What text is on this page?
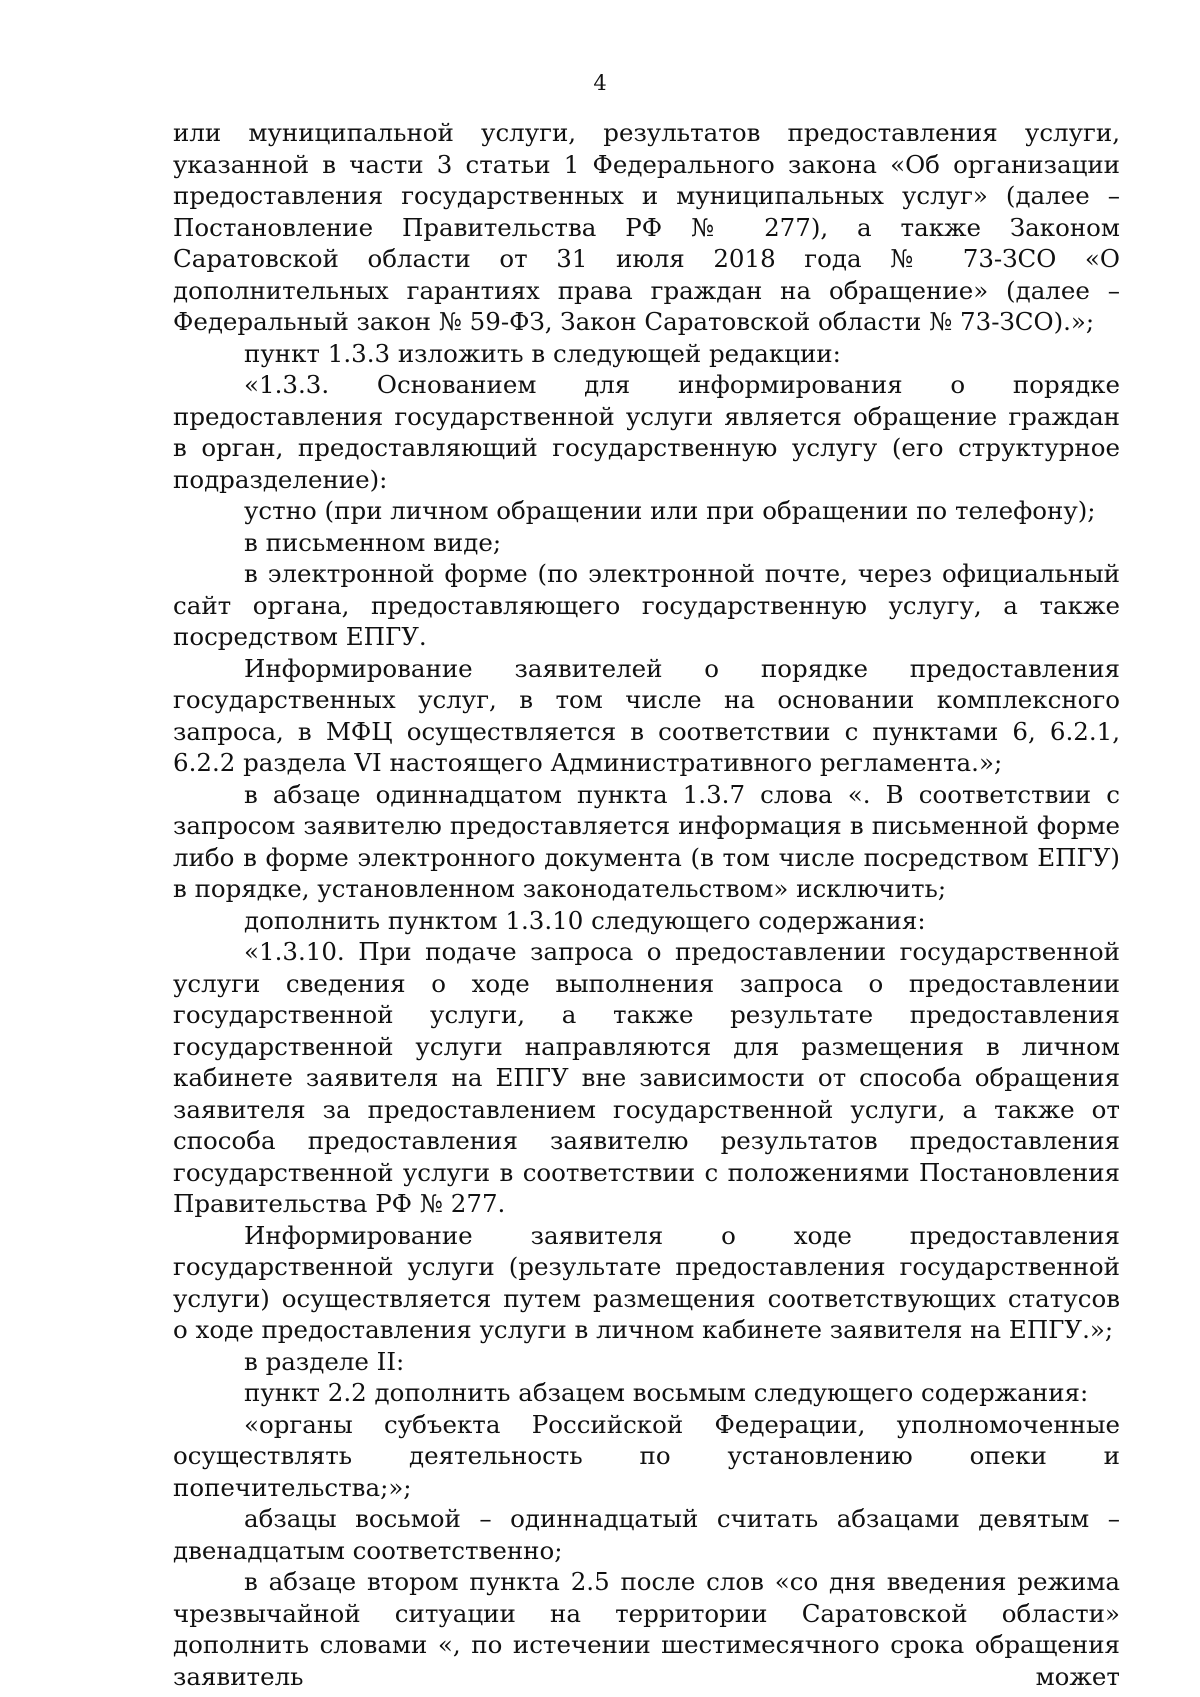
4

или муниципальной услуги, результатов предоставления услуги, указанной в части 3 статьи 1 Федерального закона «Об организации предоставления государственных и муниципальных услуг» (далее – Постановление Правительства РФ № 277), а также Законом Саратовской области от 31 июля 2018 года № 73-ЗСО «О дополнительных гарантиях права граждан на обращение» (далее – Федеральный закон № 59-ФЗ, Закон Саратовской области № 73-ЗСО).»;

пункт 1.3.3 изложить в следующей редакции:

«1.3.3. Основанием для информирования о порядке предоставления государственной услуги является обращение граждан в орган, предоставляющий государственную услугу (его структурное подразделение):

устно (при личном обращении или при обращении по телефону);

в письменном виде;

в электронной форме (по электронной почте, через официальный сайт органа, предоставляющего государственную услугу, а также посредством ЕПГУ.

Информирование заявителей о порядке предоставления государственных услуг, в том числе на основании комплексного запроса, в МФЦ осуществляется в соответствии с пунктами 6, 6.2.1, 6.2.2 раздела VI настоящего Административного регламента.»;

в абзаце одиннадцатом пункта 1.3.7 слова «. В соответствии с запросом заявителю предоставляется информация в письменной форме либо в форме электронного документа (в том числе посредством ЕПГУ) в порядке, установленном законодательством» исключить;

дополнить пунктом 1.3.10 следующего содержания:

«1.3.10. При подаче запроса о предоставлении государственной услуги сведения о ходе выполнения запроса о предоставлении государственной услуги, а также результате предоставления государственной услуги направляются для размещения в личном кабинете заявителя на ЕПГУ вне зависимости от способа обращения заявителя за предоставлением государственной услуги, а также от способа предоставления заявителю результатов предоставления государственной услуги в соответствии с положениями Постановления Правительства РФ № 277.

Информирование заявителя о ходе предоставления государственной услуги (результате предоставления государственной услуги) осуществляется путем размещения соответствующих статусов о ходе предоставления услуги в личном кабинете заявителя на ЕПГУ.»;

в разделе II:

пункт 2.2 дополнить абзацем восьмым следующего содержания:

«органы субъекта Российской Федерации, уполномоченные осуществлять деятельность по установлению опеки и попечительства;»;

абзацы восьмой – одиннадцатый считать абзацами девятым – двенадцатым соответственно;

в абзаце втором пункта 2.5 после слов «со дня введения режима чрезвычайной ситуации на территории Саратовской области» дополнить словами «, по истечении шестимесячного срока обращения заявитель может
